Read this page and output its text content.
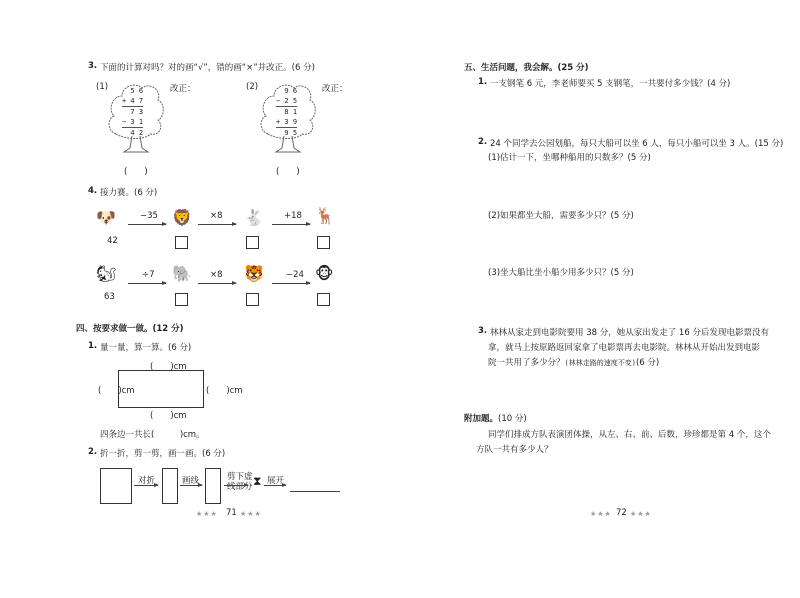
3. 下面的计算对吗？对的画“√”，错的画“×”并改正。(6 分)
(1)	5 6
+ 4 7
7 3
− 3 1
4 2
改正：
(　　)
(2)	9 6
− 2 5
8 1
+ 3 9
9 5
改正：
(　　)
4. 接力赛。(6 分)
🐶
42
−35 🦁 ×8 🐇 +18 🦌
🐿
63
÷7 🐘 ×8 🐯	−24 🐵
四、按要求做一做。(12 分)
1. 量一量，算一算。(6 分)
(　　)cm
(　　)cm	(　　)cm
(　　)cm
四条边一共长(　　　)cm。
2. 折一折，剪一剪，画一画。(6 分)
对折	画线	剪下虚
线部分 ⧗ 展开
★★★ 71 ★★★
五、生活问题，我会解。(25 分)
1. 一支钢笔 6 元，李老师要买 5 支钢笔，一共要付多少钱？(4 分)
2. 24 个同学去公园划船，每只大船可以坐 6 人，每只小船可以坐 3 人。(15 分)
(1)估计一下，坐哪种船用的只数多？(5 分)
(2)如果都坐大船，需要多少只？(5 分)
(3)坐大船比坐小船少用多少只？(5 分)
3. 林林从家走到电影院要用 38 分，她从家出发走了 16 分后发现电影票没有
拿，就马上按原路返回家拿了电影票再去电影院。林林从开始出发到电影
院一共用了多少分？(林林走路的速度不变)(6 分)
附加题。(10 分)
同学们排成方队表演团体操，从左、右、前、后数，珍珍都是第 4 个，这个
方队一共有多少人？
★★★ 72 ★★★
